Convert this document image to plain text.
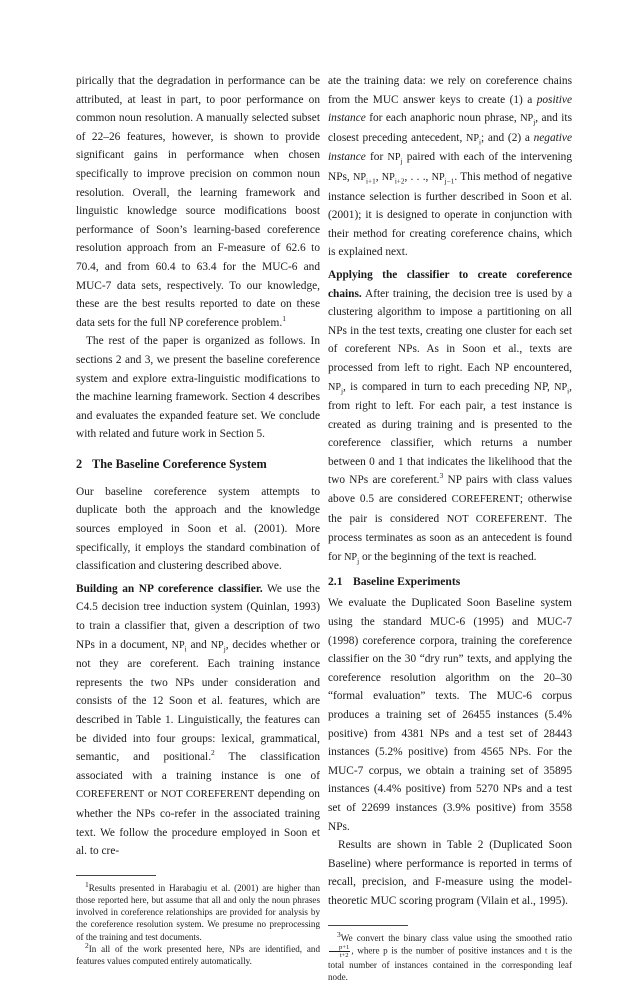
pirically that the degradation in performance can be attributed, at least in part, to poor performance on common noun resolution. A manually selected subset of 22–26 features, however, is shown to provide significant gains in performance when chosen specifically to improve precision on common noun resolution. Overall, the learning framework and linguistic knowledge source modifications boost performance of Soon’s learning-based coreference resolution approach from an F-measure of 62.6 to 70.4, and from 60.4 to 63.4 for the MUC-6 and MUC-7 data sets, respectively. To our knowledge, these are the best results reported to date on these data sets for the full NP coreference problem.$^1$

The rest of the paper is organized as follows. In sections 2 and 3, we present the baseline coreference system and explore extra-linguistic modifications to the machine learning framework. Section 4 describes and evaluates the expanded feature set. We conclude with related and future work in Section 5.

2 The Baseline Coreference System

Our baseline coreference system attempts to duplicate both the approach and the knowledge sources employed in Soon et al. (2001). More specifically, it employs the standard combination of classification and clustering described above.

Building an NP coreference classifier. We use the C4.5 decision tree induction system (Quinlan, 1993) to train a classifier that, given a description of two NPs in a document, $NP_i$ and $NP_j$, decides whether or not they are coreferent. Each training instance represents the two NPs under consideration and consists of the 12 Soon et al. features, which are described in Table 1. Linguistically, the features can be divided into four groups: lexical, grammatical, semantic, and positional.$^2$ The classification associated with a training instance is one of COREFERENT or NOT COREFERENT depending on whether the NPs co-refer in the associated training text. We follow the procedure employed in Soon et al. to cre-

$^1$Results presented in Harabagiu et al. (2001) are higher than those reported here, but assume that all and only the noun phrases involved in coreference relationships are provided for analysis by the coreference resolution system. We presume no preprocessing of the training and test documents.

$^2$In all of the work presented here, NPs are identified, and features values computed entirely automatically.

ate the training data: we rely on coreference chains from the MUC answer keys to create (1) a positive instance for each anaphoric noun phrase, $NP_j$, and its closest preceding antecedent, $NP_i$; and (2) a negative instance for $NP_j$ paired with each of the intervening NPs, $NP_{i+1}$, $NP_{i+2}$, . . ., $NP_{j-1}$. This method of negative instance selection is further described in Soon et al. (2001); it is designed to operate in conjunction with their method for creating coreference chains, which is explained next.

Applying the classifier to create coreference chains. After training, the decision tree is used by a clustering algorithm to impose a partitioning on all NPs in the test texts, creating one cluster for each set of coreferent NPs. As in Soon et al., texts are processed from left to right. Each NP encountered, $NP_j$, is compared in turn to each preceding NP, $NP_i$, from right to left. For each pair, a test instance is created as during training and is presented to the coreference classifier, which returns a number between 0 and 1 that indicates the likelihood that the two NPs are coreferent.$^3$ NP pairs with class values above 0.5 are considered COREFERENT; otherwise the pair is considered NOT COREFERENT. The process terminates as soon as an antecedent is found for $NP_j$ or the beginning of the text is reached.

2.1 Baseline Experiments

We evaluate the Duplicated Soon Baseline system using the standard MUC-6 (1995) and MUC-7 (1998) coreference corpora, training the coreference classifier on the 30 “dry run” texts, and applying the coreference resolution algorithm on the 20–30 “formal evaluation” texts. The MUC-6 corpus produces a training set of 26455 instances (5.4% positive) from 4381 NPs and a test set of 28443 instances (5.2% positive) from 4565 NPs. For the MUC-7 corpus, we obtain a training set of 35895 instances (4.4% positive) from 5270 NPs and a test set of 22699 instances (3.9% positive) from 3558 NPs.

Results are shown in Table 2 (Duplicated Soon Baseline) where performance is reported in terms of recall, precision, and F-measure using the model-theoretic MUC scoring program (Vilain et al., 1995).

$^3$We convert the binary class value using the smoothed ratio
$\frac{p+1}{t+2}$ , where p is the number of positive instances and t is the total number of instances contained in the corresponding leaf node.
